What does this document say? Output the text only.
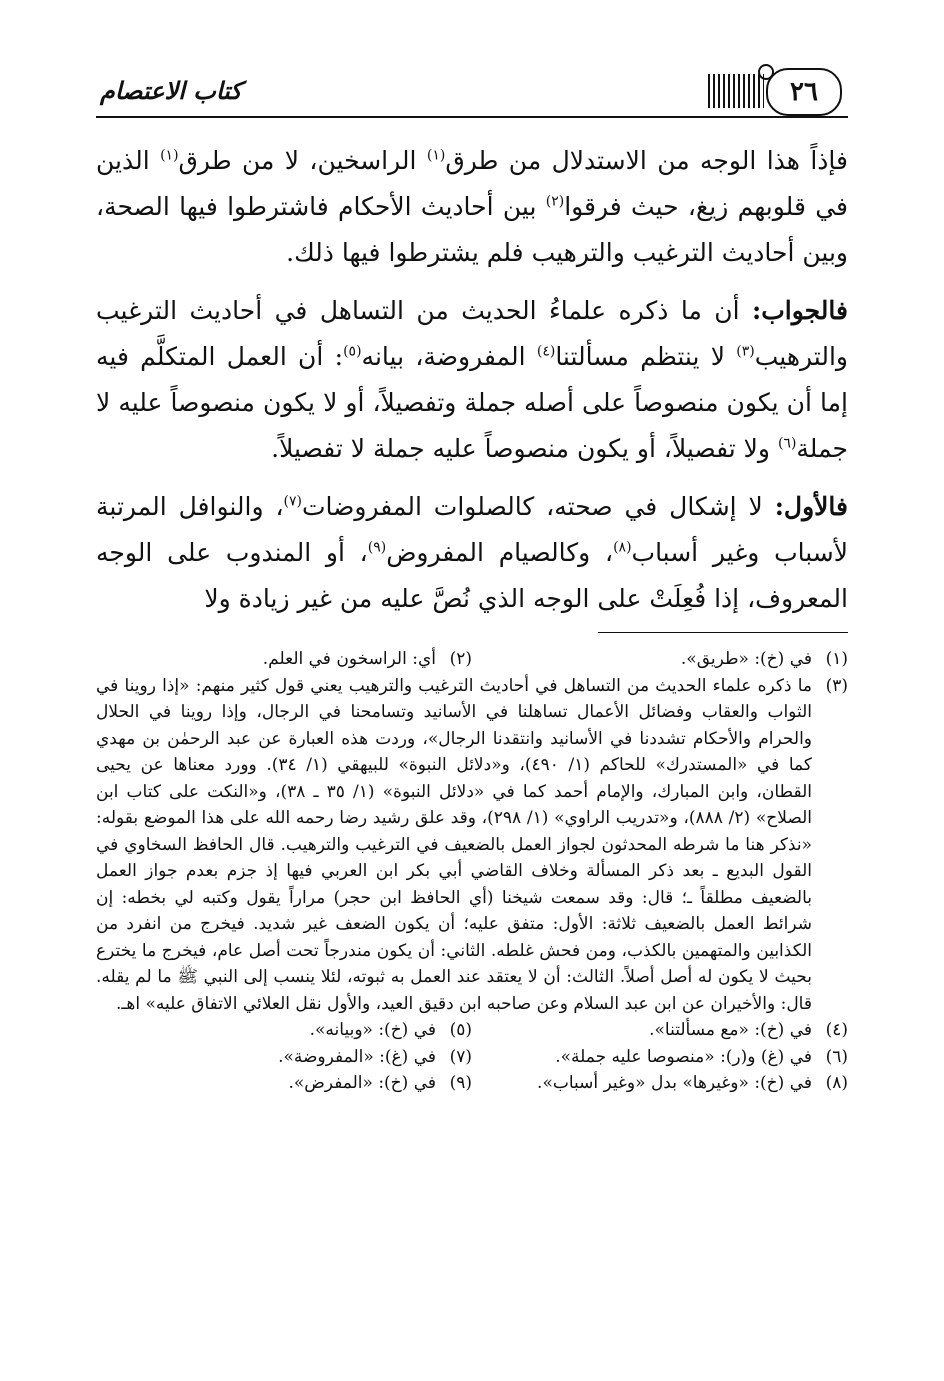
٢٦
كتاب الاعتصام

فإذاً هذا الوجه من الاستدلال من طرق$^{(١)}$ الراسخين، لا من طرق$^{(١)}$ الذين في قلوبهم زيغ، حيث فرقوا$^{(٢)}$ بين أحاديث الأحكام فاشترطوا فيها الصحة، وبين أحاديث الترغيب والترهيب فلم يشترطوا فيها ذلك.

فالجواب: أن ما ذكره علماءُ الحديث من التساهل في أحاديث الترغيب والترهيب$^{(٣)}$ لا ينتظم مسألتنا$^{(٤)}$ المفروضة، بيانه$^{(٥)}$: أن العمل المتكلَّم فيه إما أن يكون منصوصاً على أصله جملة وتفصيلاً، أو لا يكون منصوصاً عليه لا جملة$^{(٦)}$ ولا تفصيلاً، أو يكون منصوصاً عليه جملة لا تفصيلاً.

فالأول: لا إشكال في صحته، كالصلوات المفروضات$^{(٧)}$، والنوافل المرتبة لأسباب وغير أسباب$^{(٨)}$، وكالصيام المفروض$^{(٩)}$، أو المندوب على الوجه المعروف، إذا فُعِلَتْ على الوجه الذي نُصَّ عليه من غير زيادة ولا

(١)
في (خ): «طريق».
(٢)
أي: الراسخون في العلم.
(٣)
ما ذكره علماء الحديث من التساهل في أحاديث الترغيب والترهيب يعني قول كثير منهم: «إذا روينا في الثواب والعقاب وفضائل الأعمال تساهلنا في الأسانيد وتسامحنا في الرجال، وإذا روينا في الحلال والحرام والأحكام تشددنا في الأسانيد وانتقدنا الرجال»، وردت هذه العبارة عن عبد الرحمٰن بن مهدي كما في «المستدرك» للحاكم (١/ ٤٩٠)، و«دلائل النبوة» للبيهقي (١/ ٣٤). وورد معناها عن يحيى القطان، وابن المبارك، والإمام أحمد كما في «دلائل النبوة» (١/ ٣٥ ـ ٣٨)، و«النكت على كتاب ابن الصلاح» (٢/ ٨٨٨)، و«تدريب الراوي» (١/ ٢٩٨)، وقد علق رشيد رضا رحمه الله على هذا الموضع بقوله: «نذكر هنا ما شرطه المحدثون لجواز العمل بالضعيف في الترغيب والترهيب. قال الحافظ السخاوي في القول البديع ـ بعد ذكر المسألة وخلاف القاضي أبي بكر ابن العربي فيها إذ جزم بعدم جواز العمل بالضعيف مطلقاً ـ؛ قال: وقد سمعت شيخنا (أي الحافظ ابن حجر) مراراً يقول وكتبه لي بخطه: إن شرائط العمل بالضعيف ثلاثة: الأول: متفق عليه؛ أن يكون الضعف غير شديد. فيخرج من انفرد من الكذابين والمتهمين بالكذب، ومن فحش غلطه. الثاني: أن يكون مندرجاً تحت أصل عام، فيخرج ما يخترع بحيث لا يكون له أصل أصلاً. الثالث: أن لا يعتقد عند العمل به ثبوته، لئلا ينسب إلى النبي ﷺ ما لم يقله. قال: والأخيران عن ابن عبد السلام وعن صاحبه ابن دقيق العيد، والأول نقل العلائي الاتفاق عليه» اهـ.
(٤)
في (خ): «مع مسألتنا».
(٥)
في (خ): «وبيانه».
(٦)
في (غ) و(ر): «منصوصا عليه جملة».
(٧)
في (غ): «المفروضة».
(٨)
في (خ): «وغيرها» بدل «وغير أسباب».
(٩)
في (خ): «المفرض».
